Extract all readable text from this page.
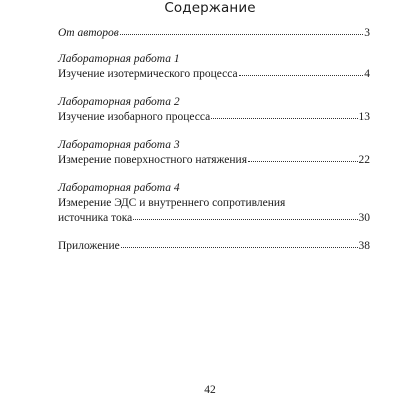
Содержание
От авторов	3
Лабораторная работа 1
Изучение изотермического процесса	4
Лабораторная работа 2
Изучение изобарного процесса	13
Лабораторная работа 3
Измерение поверхностного натяжения	22
Лабораторная работа 4
Измерение ЭДС и внутреннего сопротивления
источника тока	30
Приложение	38
42
